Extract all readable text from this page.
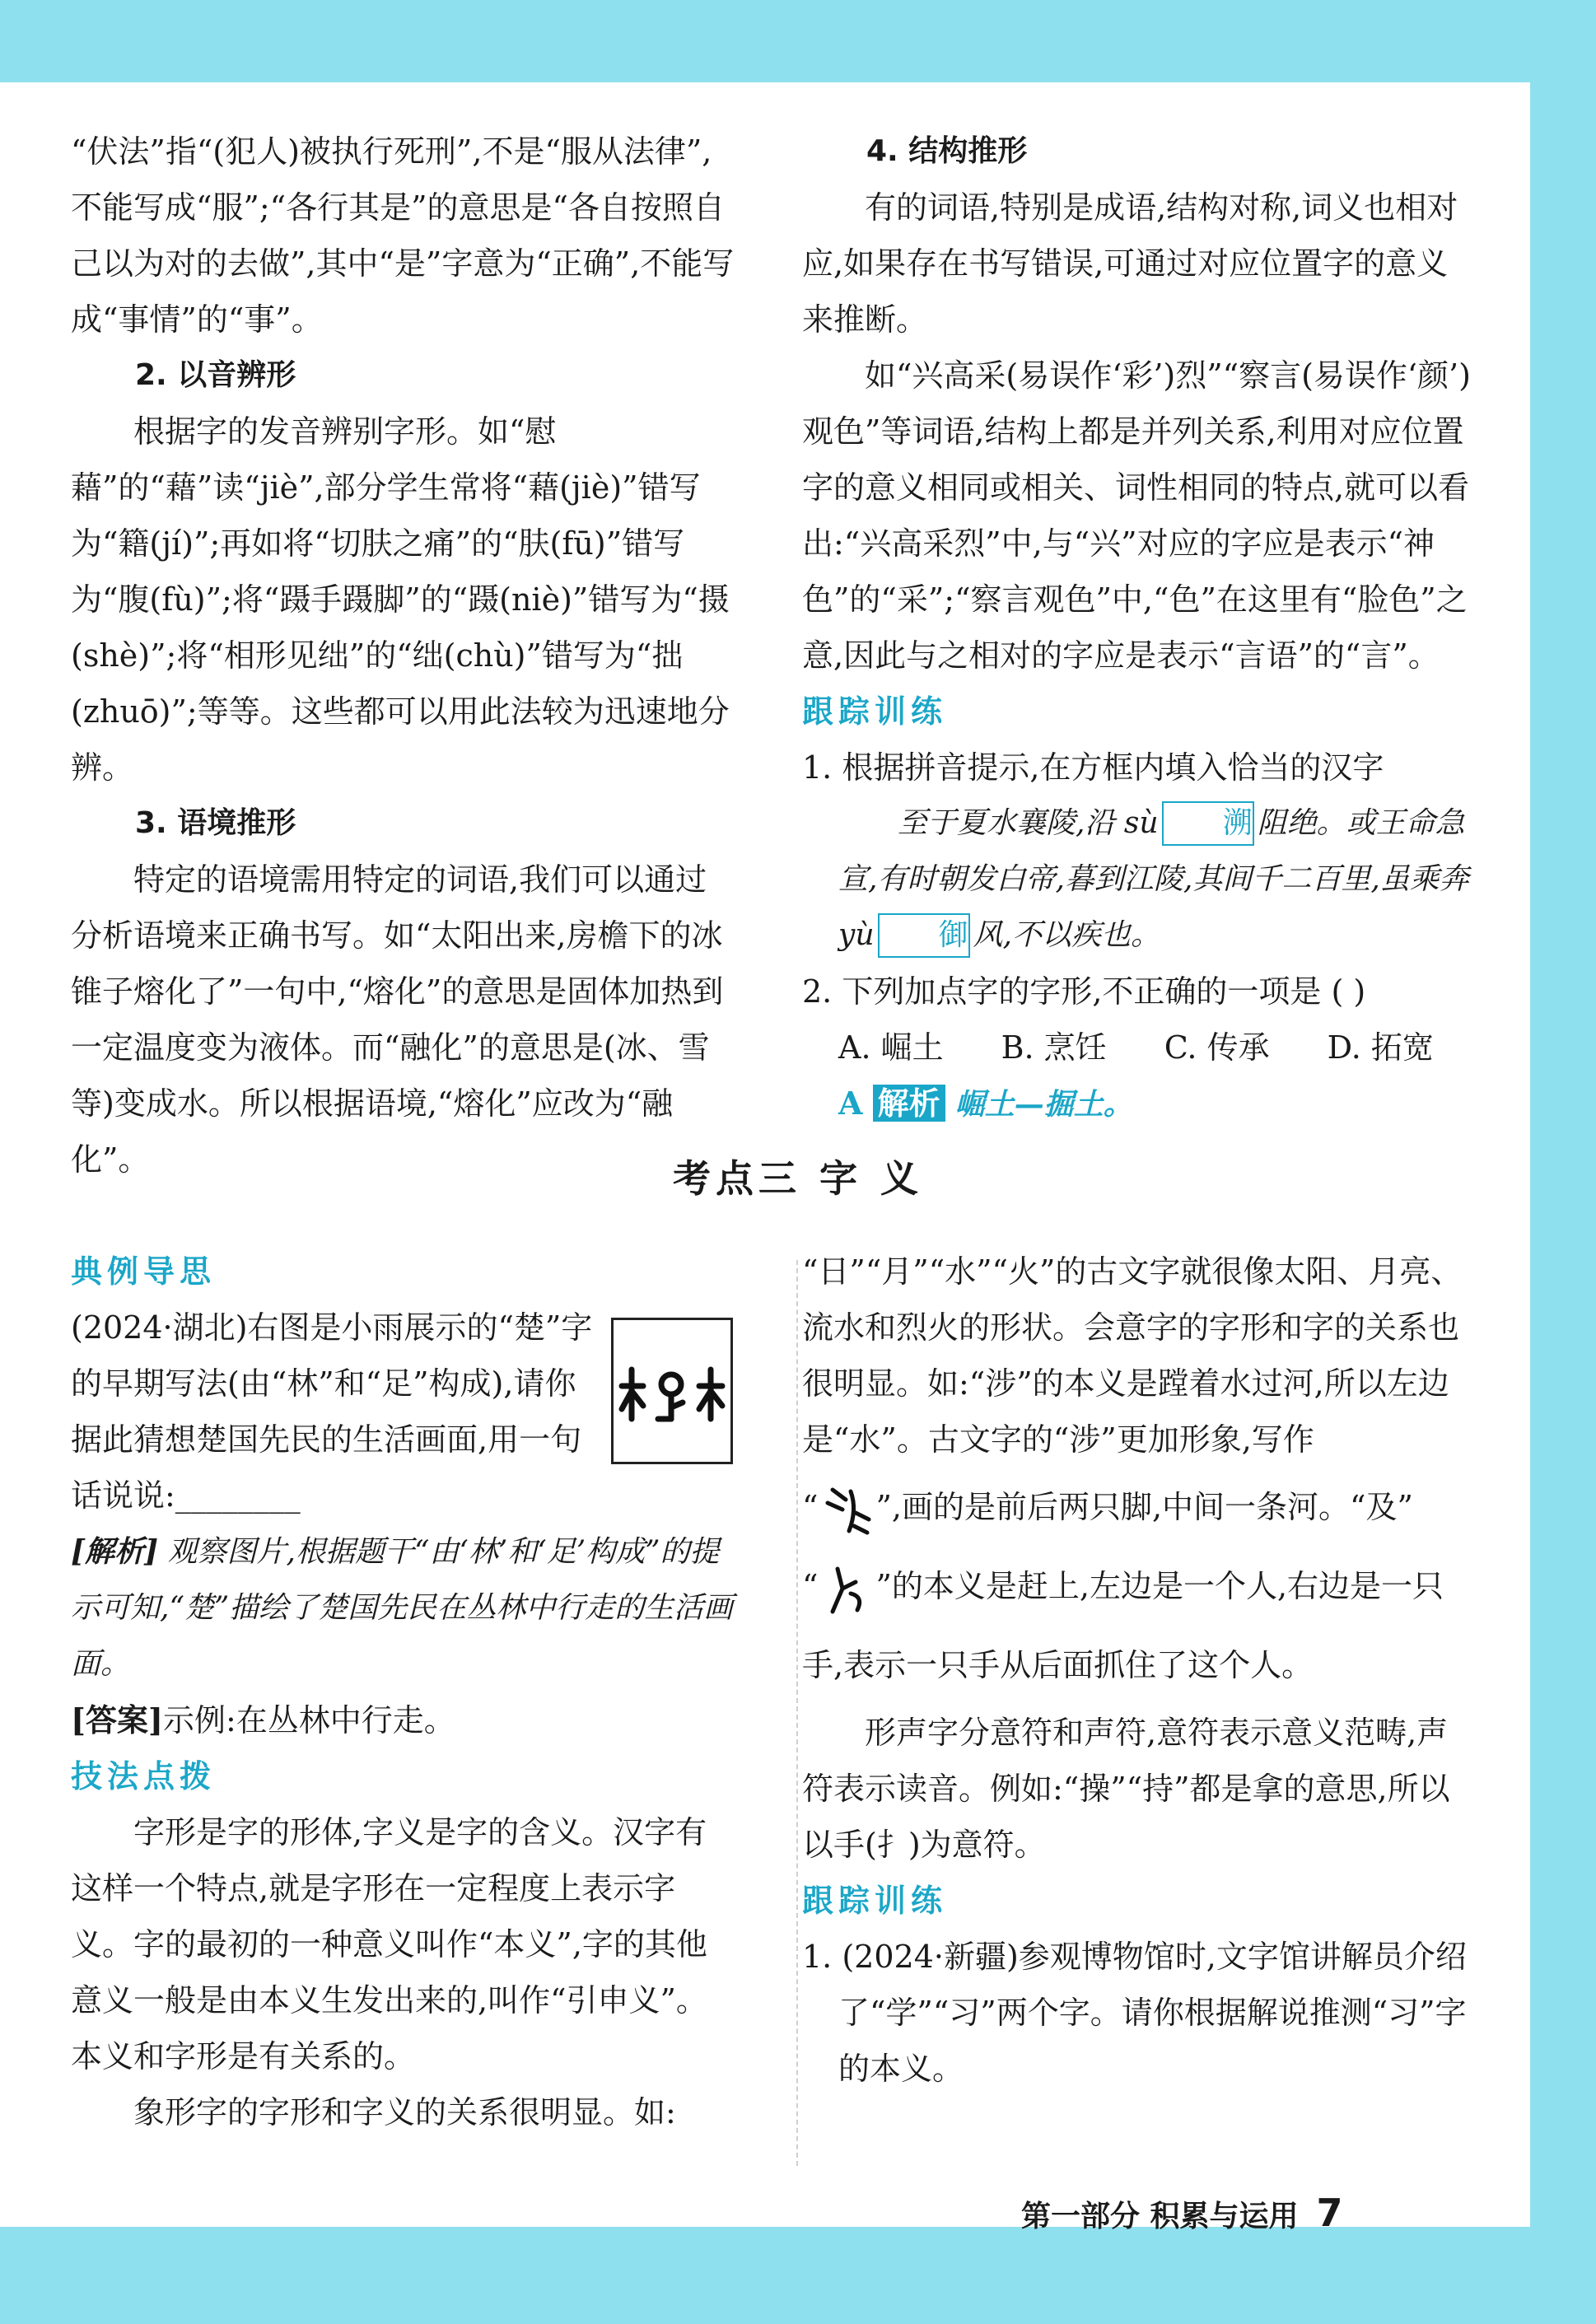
“伏法”指“(犯人)被执行死刑”,不是“服从法律”,不能写成“服”;“各行其是”的意思是“各自按照自己以为对的去做”,其中“是”字意为“正确”,不能写成“事情”的“事”。

2. 以音辨形

根据字的发音辨别字形。如“慰藉”的“藉”读“jiè”,部分学生常将“藉(jiè)”错写为“籍(jí)”;再如将“切肤之痛”的“肤(fū)”错写为“腹(fù)”;将“蹑手蹑脚”的“蹑(niè)”错写为“摄(shè)”;将“相形见绌”的“绌(chù)”错写为“拙(zhuō)”;等等。这些都可以用此法较为迅速地分辨。

3. 语境推形

特定的语境需用特定的词语,我们可以通过分析语境来正确书写。如“太阳出来,房檐下的冰锥子熔化了”一句中,“熔化”的意思是固体加热到一定温度变为液体。而“融化”的意思是(冰、雪等)变成水。所以根据语境,“熔化”应改为“融化”。

4. 结构推形

有的词语,特别是成语,结构对称,词义也相对应,如果存在书写错误,可通过对应位置字的意义来推断。

如“兴高采(易误作‘彩’)烈”“察言(易误作‘颜’)观色”等词语,结构上都是并列关系,利用对应位置字的意义相同或相关、词性相同的特点,就可以看出:“兴高采烈”中,与“兴”对应的字应是表示“神色”的“采”;“察言观色”中,“色”在这里有“脸色”之意,因此与之相对的字应是表示“言语”的“言”。

跟踪训练

1. 根据拼音提示,在方框内填入恰当的汉字

至于夏水襄陵,沿 sù 溯 阻绝。或王命急宣,有时朝发白帝,暮到江陵,其间千二百里,虽乘奔 yù 御 风,不以疾也。

2. 下列加点字的字形,不正确的一项是 ( )

A. 崛土 B. 烹饪 C. 传承 D. 拓宽

A 解析 崛土—掘土。

考点三 字 义

典例导思

(2024·湖北)右图是小雨展示的“楚”字的早期写法(由“林”和“足”构成),请你据此猜想楚国先民的生活画面,用一句话说说:________

[解析] 观察图片,根据题干“由‘林’和‘足’构成”的提示可知,“楚”描绘了楚国先民在丛林中行走的生活画面。

[答案]示例:在丛林中行走。

技法点拨

字形是字的形体,字义是字的含义。汉字有这样一个特点,就是字形在一定程度上表示字义。字的最初的一种意义叫作“本义”,字的其他意义一般是由本义生发出来的,叫作“引申义”。本义和字形是有关系的。

象形字的字形和字义的关系很明显。如:

“日”“月”“水”“火”的古文字就很像太阳、月亮、流水和烈火的形状。会意字的字形和字的关系也很明显。如:“涉”的本义是蹚着水过河,所以左边是“水”。古文字的“涉”更加形象,写作

“ ”,画的是前后两只脚,中间一条河。“及”

“ ”的本义是赶上,左边是一个人,右边是一只手,表示一只手从后面抓住了这个人。

形声字分意符和声符,意符表示意义范畴,声符表示读音。例如:“操”“持”都是拿的意思,所以以手(扌)为意符。

跟踪训练

1. (2024·新疆)参观博物馆时,文字馆讲解员介绍了“学”“习”两个字。请你根据解说推测“习”字的本义。

第一部分 积累与运用 7
